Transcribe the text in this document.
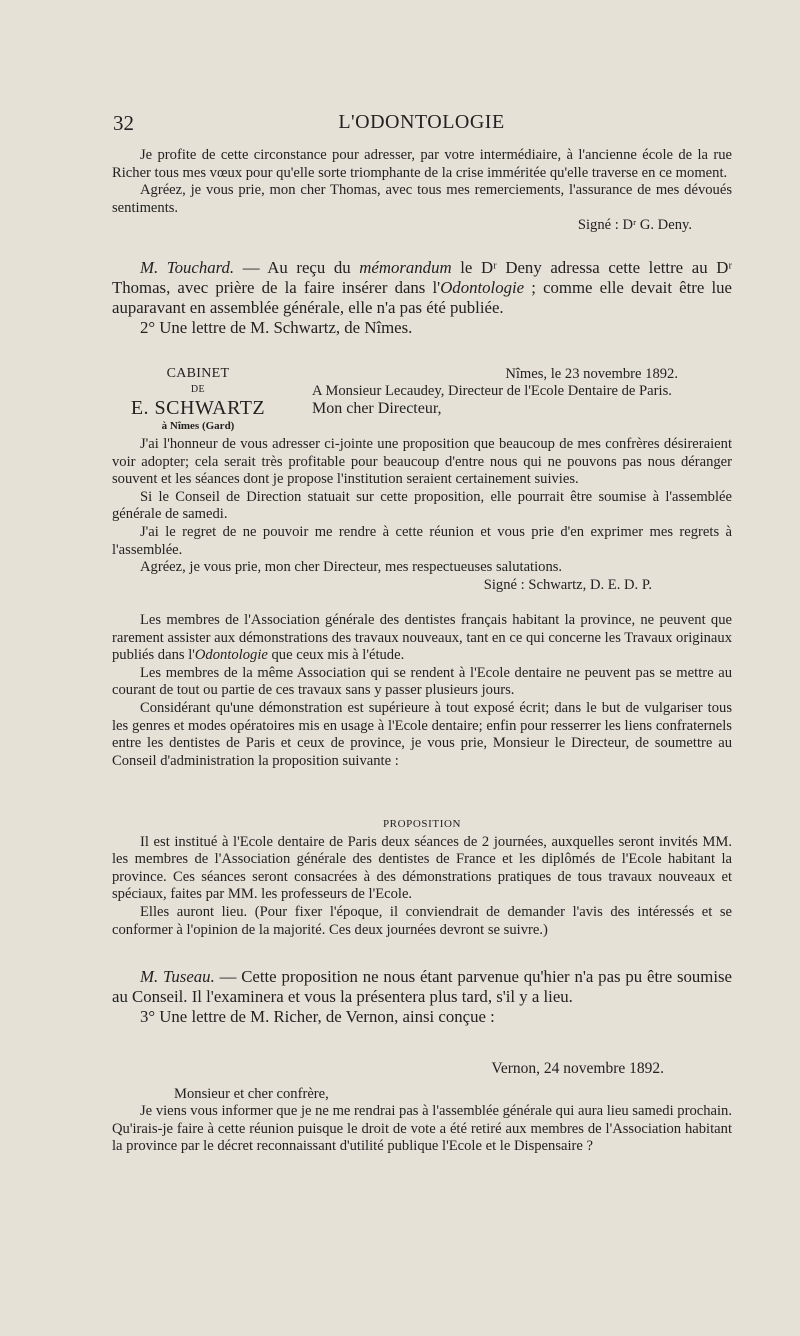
32	L'ODONTOLOGIE

Je profite de cette circonstance pour adresser, par votre intermédiaire, à l'ancienne école de la rue Richer tous mes vœux pour qu'elle sorte triomphante de la crise imméritée qu'elle traverse en ce moment.

Agréez, je vous prie, mon cher Thomas, avec tous mes remerciements, l'assurance de mes dévoués sentiments.

Signé : Dʳ G. Deny.

M. Touchard. — Au reçu du mémorandum le Dʳ Deny adressa cette lettre au Dʳ Thomas, avec prière de la faire insérer dans l'Odontologie ; comme elle devait être lue auparavant en assemblée générale, elle n'a pas été publiée.

2° Une lettre de M. Schwartz, de Nîmes.

CABINET
DE
E. SCHWARTZ
à Nîmes (Gard)
Nîmes, le 23 novembre 1892.
A Monsieur Lecaudey, Directeur de l'Ecole Dentaire de Paris.
Mon cher Directeur,

J'ai l'honneur de vous adresser ci-jointe une proposition que beaucoup de mes confrères désireraient voir adopter; cela serait très profitable pour beaucoup d'entre nous qui ne pouvons pas nous déranger souvent et les séances dont je propose l'institution seraient certainement suivies.

Si le Conseil de Direction statuait sur cette proposition, elle pourrait être soumise à l'assemblée générale de samedi.

J'ai le regret de ne pouvoir me rendre à cette réunion et vous prie d'en exprimer mes regrets à l'assemblée.

Agréez, je vous prie, mon cher Directeur, mes respectueuses salutations.

Signé : Schwartz, D. E. D. P.

Les membres de l'Association générale des dentistes français habitant la province, ne peuvent que rarement assister aux démonstrations des travaux nouveaux, tant en ce qui concerne les Travaux originaux publiés dans l'Odontologie que ceux mis à l'étude.

Les membres de la même Association qui se rendent à l'Ecole dentaire ne peuvent pas se mettre au courant de tout ou partie de ces travaux sans y passer plusieurs jours.

Considérant qu'une démonstration est supérieure à tout exposé écrit; dans le but de vulgariser tous les genres et modes opératoires mis en usage à l'Ecole dentaire; enfin pour resserrer les liens confraternels entre les dentistes de Paris et ceux de province, je vous prie, Monsieur le Directeur, de soumettre au Conseil d'administration la proposition suivante :

PROPOSITION

Il est institué à l'Ecole dentaire de Paris deux séances de 2 journées, auxquelles seront invités MM. les membres de l'Association générale des dentistes de France et les diplômés de l'Ecole habitant la province. Ces séances seront consacrées à des démonstrations pratiques de tous travaux nouveaux et spéciaux, faites par MM. les professeurs de l'Ecole.

Elles auront lieu. (Pour fixer l'époque, il conviendrait de demander l'avis des intéressés et se conformer à l'opinion de la majorité. Ces deux journées devront se suivre.)

M. Tuseau. — Cette proposition ne nous étant parvenue qu'hier n'a pas pu être soumise au Conseil. Il l'examinera et vous la présentera plus tard, s'il y a lieu.

3° Une lettre de M. Richer, de Vernon, ainsi conçue :

Vernon, 24 novembre 1892.

Monsieur et cher confrère,

Je viens vous informer que je ne me rendrai pas à l'assemblée générale qui aura lieu samedi prochain. Qu'irais-je faire à cette réunion puisque le droit de vote a été retiré aux membres de l'Association habitant la province par le décret reconnaissant d'utilité publique l'Ecole et le Dispensaire ?
